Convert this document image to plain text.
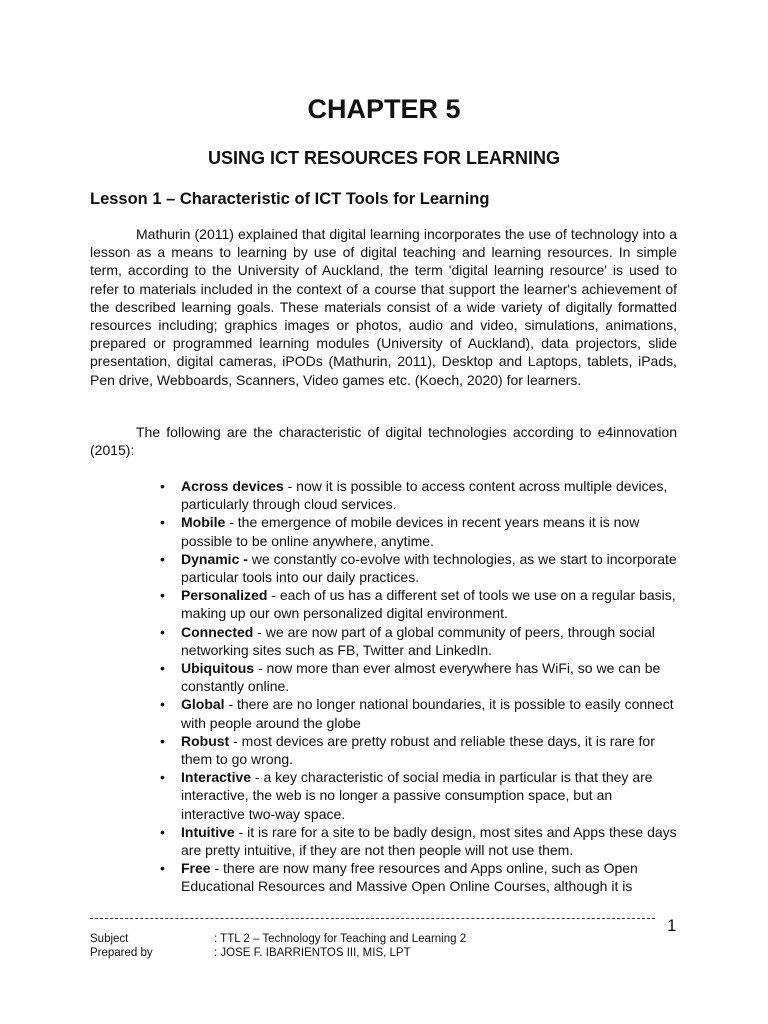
CHAPTER 5
USING ICT RESOURCES FOR LEARNING
Lesson 1 – Characteristic of ICT Tools for Learning

Mathurin (2011) explained that digital learning incorporates the use of technology into a lesson as a means to learning by use of digital teaching and learning resources. In simple term, according to the University of Auckland, the term 'digital learning resource' is used to refer to materials included in the context of a course that support the learner's achievement of the described learning goals. These materials consist of a wide variety of digitally formatted resources including; graphics images or photos, audio and video, simulations, animations, prepared or programmed learning modules (University of Auckland), data projectors, slide presentation, digital cameras, iPODs (Mathurin, 2011), Desktop and Laptops, tablets, iPads, Pen drive, Webboards, Scanners, Video games etc. (Koech, 2020) for learners.

The following are the characteristic of digital technologies according to e4innovation (2015):

• Across devices - now it is possible to access content across multiple devices, particularly through cloud services.
• Mobile - the emergence of mobile devices in recent years means it is now possible to be online anywhere, anytime.
• Dynamic - we constantly co-evolve with technologies, as we start to incorporate particular tools into our daily practices.
• Personalized - each of us has a different set of tools we use on a regular basis, making up our own personalized digital environment.
• Connected - we are now part of a global community of peers, through social networking sites such as FB, Twitter and LinkedIn.
• Ubiquitous - now more than ever almost everywhere has WiFi, so we can be constantly online.
• Global - there are no longer national boundaries, it is possible to easily connect with people around the globe
• Robust - most devices are pretty robust and reliable these days, it is rare for them to go wrong.
• Interactive - a key characteristic of social media in particular is that they are interactive, the web is no longer a passive consumption space, but an interactive two-way space.
• Intuitive - it is rare for a site to be badly design, most sites and Apps these days are pretty intuitive, if they are not then people will not use them.
• Free - there are now many free resources and Apps online, such as Open Educational Resources and Massive Open Online Courses, although it is
1
Subject	: TTL 2 – Technology for Teaching and Learning 2
Prepared by	: JOSE F. IBARRIENTOS III, MIS, LPT
